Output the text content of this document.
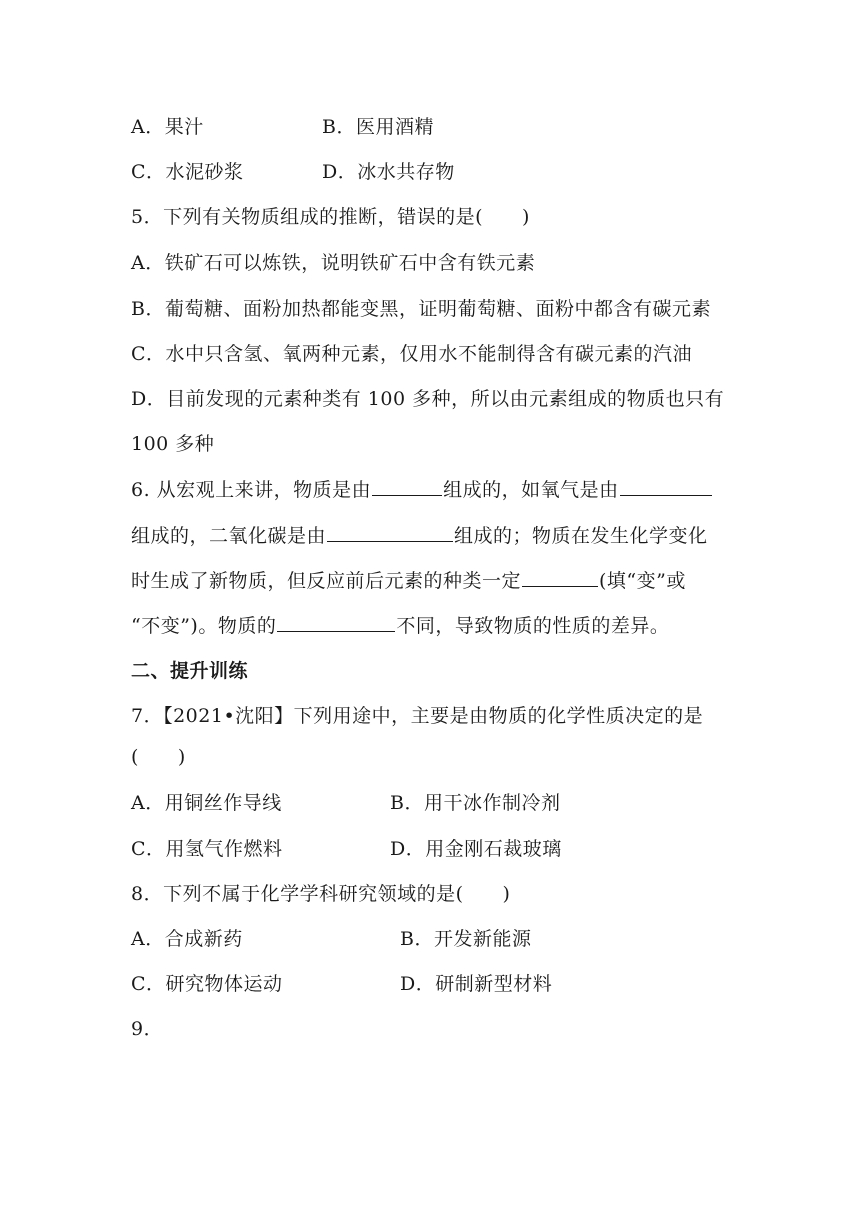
A．果汁	B．医用酒精
C．水泥砂浆	D．冰水共存物
5．下列有关物质组成的推断，错误的是(　　)
A．铁矿石可以炼铁，说明铁矿石中含有铁元素
B．葡萄糖、面粉加热都能变黑，证明葡萄糖、面粉中都含有碳元素
C．水中只含氢、氧两种元素，仅用水不能制得含有碳元素的汽油
D．目前发现的元素种类有 100 多种，所以由元素组成的物质也只有
100 多种
6. 从宏观上来讲，物质是由	组成的，如氧气是由
组成的，二氧化碳是由	组成的；物质在发生化学变化
时生成了新物质，但反应前后元素的种类一定	(填“变”或
“不变”)。物质的	不同，导致物质的性质的差异。
二、提升训练
7．【2021•沈阳】下列用途中，主要是由物质的化学性质决定的是
(　　)
A．用铜丝作导线	B．用干冰作制冷剂
C．用氢气作燃料	D．用金刚石裁玻璃
8．下列不属于化学学科研究领域的是(　　)
A．合成新药	B．开发新能源
C．研究物体运动	D．研制新型材料
9．
